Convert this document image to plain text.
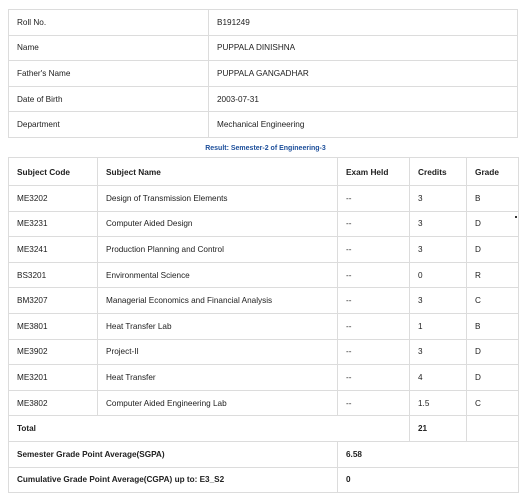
Roll No.	B191249
Name	PUPPALA DINISHNA
Father's Name	PUPPALA GANGADHAR
Date of Birth	2003-07-31
Department	Mechanical Engineering
Result: Semester-2 of Engineering-3
Subject Code	Subject Name	Exam Held	Credits	Grade
ME3202	Design of Transmission Elements	--	3	B
ME3231	Computer Aided Design	--	3	D
ME3241	Production Planning and Control	--	3	D
BS3201	Environmental Science	--	0	R
BM3207	Managerial Economics and Financial Analysis	--	3	C
ME3801	Heat Transfer Lab	--	1	B
ME3902	Project-II	--	3	D
ME3201	Heat Transfer	--	4	D
ME3802	Computer Aided Engineering Lab	--	1.5	C
Total			21	
Semester Grade Point Average(SGPA)		6.58		
Cumulative Grade Point Average(CGPA) up to: E3_S2		0		
